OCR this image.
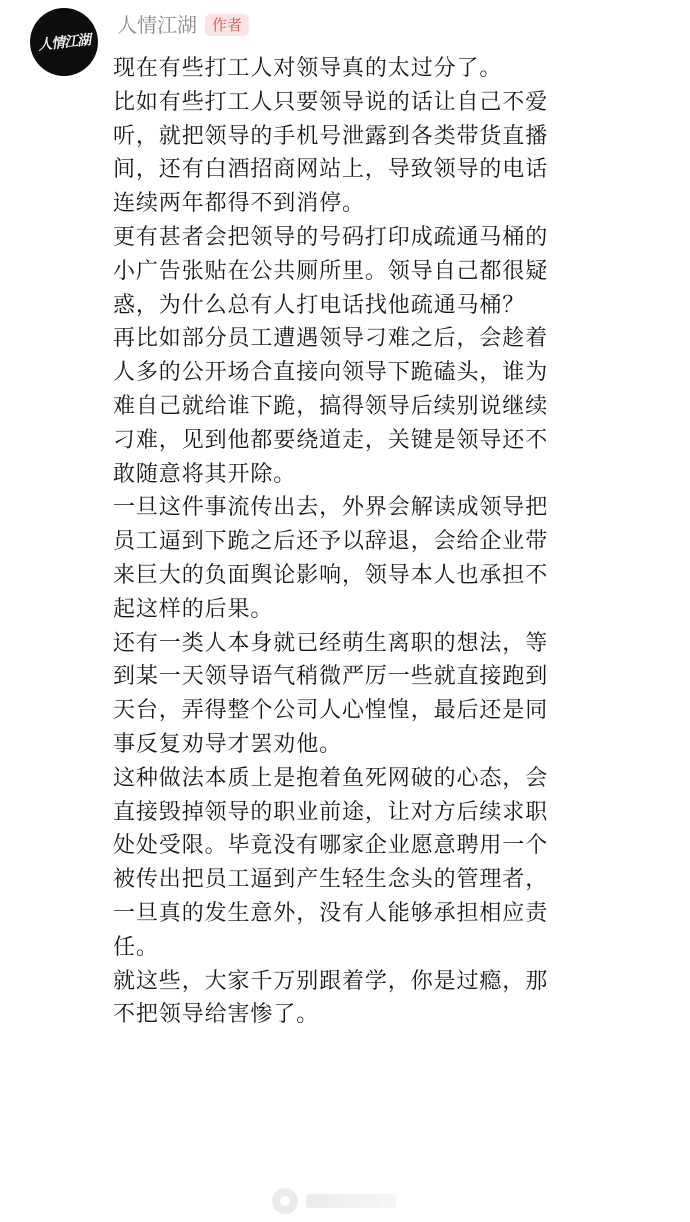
人情江湖
人情江湖	作者

现在有些打工人对领导真的太过分了。

比如有些打工人只要领导说的话让自己不爱
听，就把领导的手机号泄露到各类带货直播
间，还有白酒招商网站上，导致领导的电话
连续两年都得不到消停。

更有甚者会把领导的号码打印成疏通马桶的
小广告张贴在公共厕所里。领导自己都很疑
惑，为什么总有人打电话找他疏通马桶？

再比如部分员工遭遇领导刁难之后，会趁着
人多的公开场合直接向领导下跪磕头，谁为
难自己就给谁下跪，搞得领导后续别说继续
刁难，见到他都要绕道走，关键是领导还不
敢随意将其开除。

一旦这件事流传出去，外界会解读成领导把
员工逼到下跪之后还予以辞退，会给企业带
来巨大的负面舆论影响，领导本人也承担不
起这样的后果。

还有一类人本身就已经萌生离职的想法，等
到某一天领导语气稍微严厉一些就直接跑到
天台，弄得整个公司人心惶惶，最后还是同
事反复劝导才罢劝他。

这种做法本质上是抱着鱼死网破的心态，会
直接毁掉领导的职业前途，让对方后续求职
处处受限。毕竟没有哪家企业愿意聘用一个
被传出把员工逼到产生轻生念头的管理者，
一旦真的发生意外，没有人能够承担相应责
任。

就这些，大家千万别跟着学，你是过瘾，那
不把领导给害惨了。
